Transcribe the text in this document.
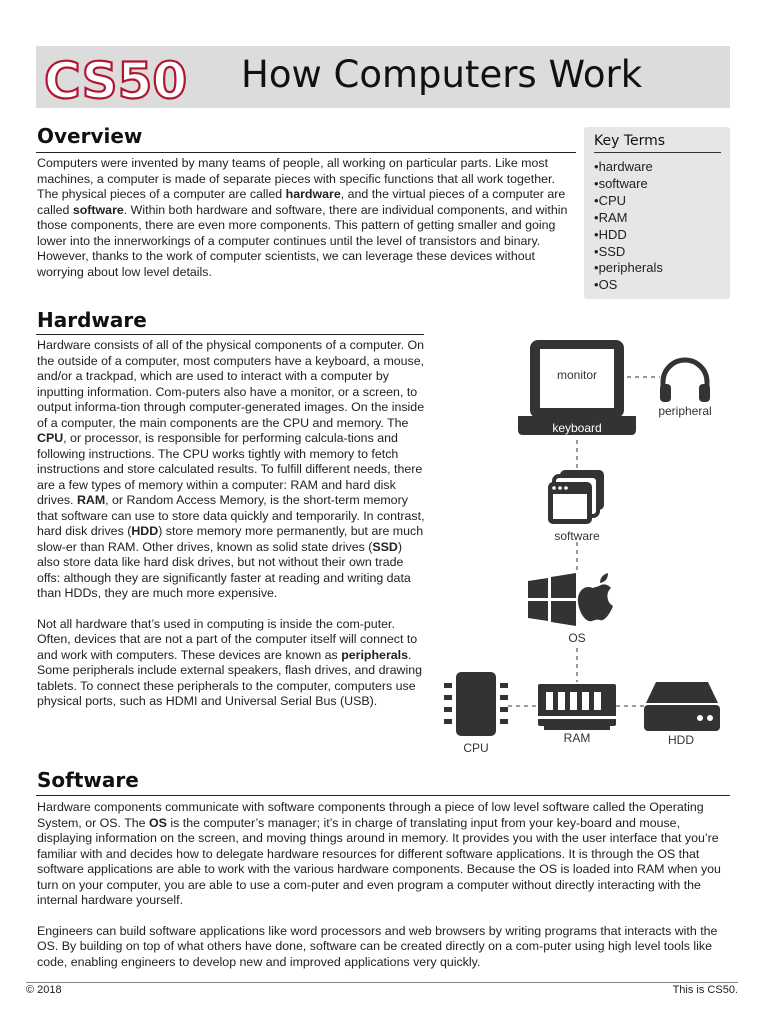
CS50 How Computers Work
Overview

Computers were invented by many teams of people, all working on particular parts. Like most machines, a computer is made of separate pieces with specific functions that all work together. The physical pieces of a computer are called hardware, and the virtual pieces of a computer are called software. Within both hardware and software, there are individual components, and within those components, there are even more components. This pattern of getting smaller and going lower into the innerworkings of a computer continues until the level of transistors and binary. However, thanks to the work of computer scientists, we can leverage these devices without worrying about low level details.

Key Terms
• hardware
• software
• CPU
• RAM
• HDD
• SSD
• peripherals
• OS
Hardware

Hardware consists of all of the physical components of a computer. On the outside of a computer, most computers have a keyboard, a mouse, and/or a trackpad, which are used to interact with a computer by inputting information. Com-puters also have a monitor, or a screen, to output informa-tion through computer-generated images. On the inside of a computer, the main components are the CPU and memory. The CPU, or processor, is responsible for performing calcula-tions and following instructions. The CPU works tightly with memory to fetch instructions and store calculated results. To fulfill different needs, there are a few types of memory within a computer: RAM and hard disk drives. RAM, or Random Access Memory, is the short-term memory that software can use to store data quickly and temporarily. In contrast, hard disk drives (HDD) store memory more permanently, but are much slow-er than RAM. Other drives, known as solid state drives (SSD) also store data like hard disk drives, but not without their own trade offs: although they are significantly faster at reading and writing data than HDDs, they are much more expensive.

Not all hardware that’s used in computing is inside the com-puter. Often, devices that are not a part of the computer itself will connect to and work with computers. These devices are known as peripherals. Some peripherals include external speakers, flash drives, and drawing tablets. To connect these peripherals to the computer, computers use physical ports, such as HDMI and Universal Serial Bus (USB).

monitor
keyboard
peripheral
software
OS
CPU
RAM	HDD
Software

Hardware components communicate with software components through a piece of low level software called the Operating System, or OS. The OS is the computer’s manager; it’s in charge of translating input from your key-board and mouse, displaying information on the screen, and moving things around in memory. It provides you with the user interface that you’re familiar with and decides how to delegate hardware resources for different software applications. It is through the OS that software applications are able to work with the various hardware components. Because the OS is loaded into RAM when you turn on your computer, you are able to use a com-puter and even program a computer without directly interacting with the internal hardware yourself.

Engineers can build software applications like word processors and web browsers by writing programs that interacts with the OS. By building on top of what others have done, software can be created directly on a com-puter using high level tools like code, enabling engineers to develop new and improved applications very quickly.

© 2018	This is CS50.
